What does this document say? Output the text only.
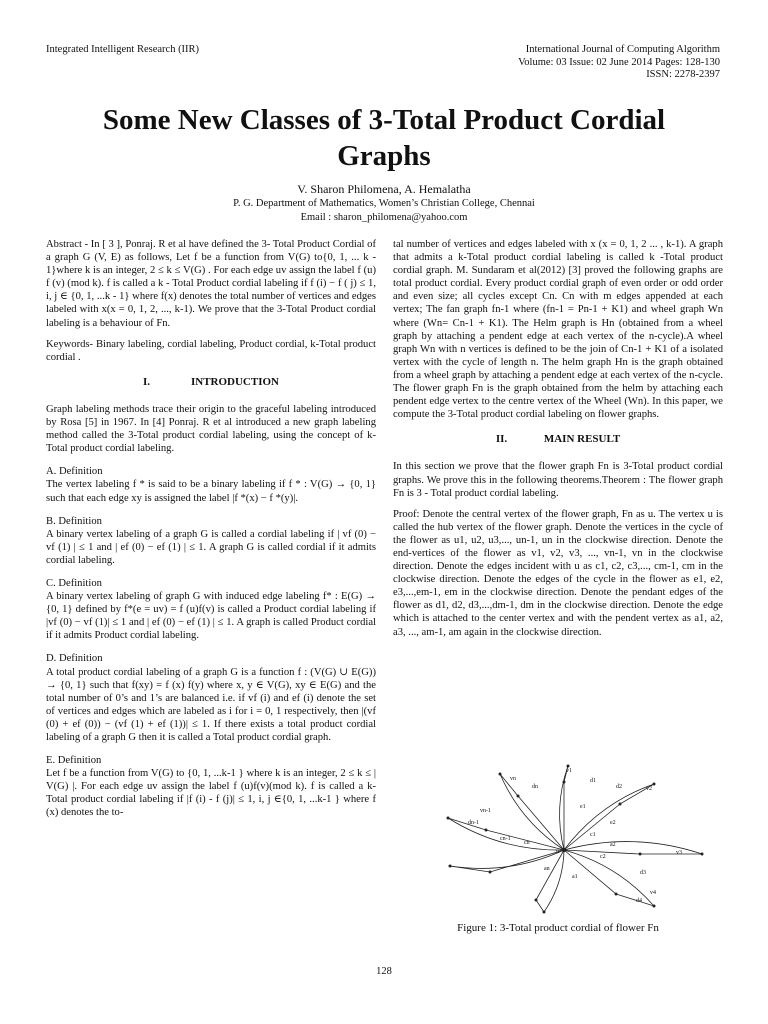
Integrated Intelligent Research (IIR)	International Journal of Computing Algorithm
Volume: 03 Issue: 02 June 2014 Pages: 128-130
ISSN: 2278-2397
Some New Classes of 3-Total Product Cordial
Graphs
V. Sharon Philomena, A. Hemalatha
P. G. Department of Mathematics, Women’s Christian College, Chennai
Email : sharon_philomena@yahoo.com

Abstract - In [ 3 ], Ponraj. R et al have defined the 3- Total Product Cordial of a graph G (V, E) as follows, Let f be a function from V(G) to{0, 1, ... k - 1}where k is an integer, 2 ≤ k ≤ V(G) . For each edge uv assign the label f (u) f (v) (mod k). f is called a k - Total Product cordial labeling if f (i) − f ( j) ≤ 1, i, j ∈ {0, 1, ...k - 1} where f(x) denotes the total number of vertices and edges labeled with x(x = 0, 1, 2, ..., k-1). We prove that the 3-Total Product cordial labeling is a behaviour of Fn.

Keywords- Binary labeling, cordial labeling, Product cordial, k-Total product cordial .

I.	INTRODUCTION

Graph labeling methods trace their origin to the graceful labeling introduced by Rosa [5] in 1967. In [4] Ponraj. R et al introduced a new graph labeling method called the 3-Total product cordial labeling, using the concept of k-Total product cordial labeling.

A. Definition

The vertex labeling f * is said to be a binary labeling if f * : V(G) → {0, 1} such that each edge xy is assigned the label |f *(x) − f *(y)|.

B. Definition

A binary vertex labeling of a graph G is called a cordial labeling if | vf (0) − vf (1) | ≤ 1 and | ef (0) − ef (1) | ≤ 1. A graph G is called cordial if it admits cordial labeling.

C. Definition

A binary vertex labeling of graph G with induced edge labeling f* : E(G) → {0, 1} defined by f*(e = uv) = f (u)f(v) is called a Product cordial labeling if |vf (0) − vf (1)| ≤ 1 and | ef (0) − ef (1) | ≤ 1. A graph is called Product cordial if it admits Product cordial labeling.

D. Definition

A total product cordial labeling of a graph G is a function f : (V(G) ∪ E(G)) → {0, 1} such that f(xy) = f (x) f(y) where x, y ∈ V(G), xy ∈ E(G) and the total number of 0’s and 1’s are balanced i.e. if vf (i) and ef (i) denote the set of vertices and edges which are labeled as i for i = 0, 1 respectively, then |(vf (0) + ef (0)) − (vf (1) + ef (1))| ≤ 1. If there exists a total product cordial labeling of a graph G then it is called a Total product cordial graph.

E. Definition

Let f be a function from V(G) to {0, 1, ...k-1 } where k is an integer, 2 ≤ k ≤ | V(G) |. For each edge uv assign the label f (u)f(v)(mod k). f is called a k-Total product cordial labeling if |f (i) - f (j)| ≤ 1, i, j ∈{0, 1, ...k-1 } where f (x) denotes the to-

tal number of vertices and edges labeled with x (x = 0, 1, 2 ... , k-1). A graph that admits a k-Total product cordial labeling is called k -Total product cordial graph. M. Sundaram et al(2012) [3] proved the following graphs are total product cordial. Every product cordial graph of even order or odd order and even size; all cycles except Cn. Cn with m edges appended at each vertex; The fan graph fn-1 where (fn-1 = Pn-1 + K1) and wheel graph Wn where (Wn= Cn-1 + K1). The Helm graph is Hn (obtained from a wheel graph by attaching a pendent edge at each vertex of the n-cycle).A wheel graph Wn with n vertices is defined to be the join of Cn-1 + K1 of a isolated vertex with the cycle of length n. The helm graph Hn is the graph obtained from a wheel graph by attaching a pendent edge at each vertex of the n-cycle. The flower graph Fn is the graph obtained from the helm by attaching each pendent edge vertex to the centre vertex of the Wheel (Wn). In this paper, we compute the 3-Total product cordial labeling on flower graphs.

II.	MAIN RESULT

In this section we prove that the flower graph Fn is 3-Total product cordial graphs. We prove this in the following theorems.Theorem : The flower graph Fn is 3 - Total product cordial labeling.

Proof: Denote the central vertex of the flower graph, Fn as u. The vertex u is called the hub vertex of the flower graph. Denote the vertices in the cycle of the flower as u1, u2, u3,..., un-1, un in the clockwise direction. Denote the end-vertices of the flower as v1, v2, v3, ..., vn-1, vn in the clockwise direction. Denote the edges incident with u as c1, c2, c3,..., cm-1, cm in the clockwise direction. Denote the edges of the cycle in the flower as e1, e2, e3,...,em-1, em in the clockwise direction. Denote the pendant edges of the flower as d1, d2, d3,...,dm-1, dm in the clockwise direction. Denote the edge which is attached to the center vertex and with the pendent vertex as a1, a2, a3, ..., am-1, am again in the clockwise direction.

v1
d1
d2	v2
vn
dn
vn-1
dn-1
cn-1
cn
c1
c2
d3
v3
d4
v4
a1
a2
an
e1
e2
u
Figure 1: 3-Total product cordial of flower Fn
128
